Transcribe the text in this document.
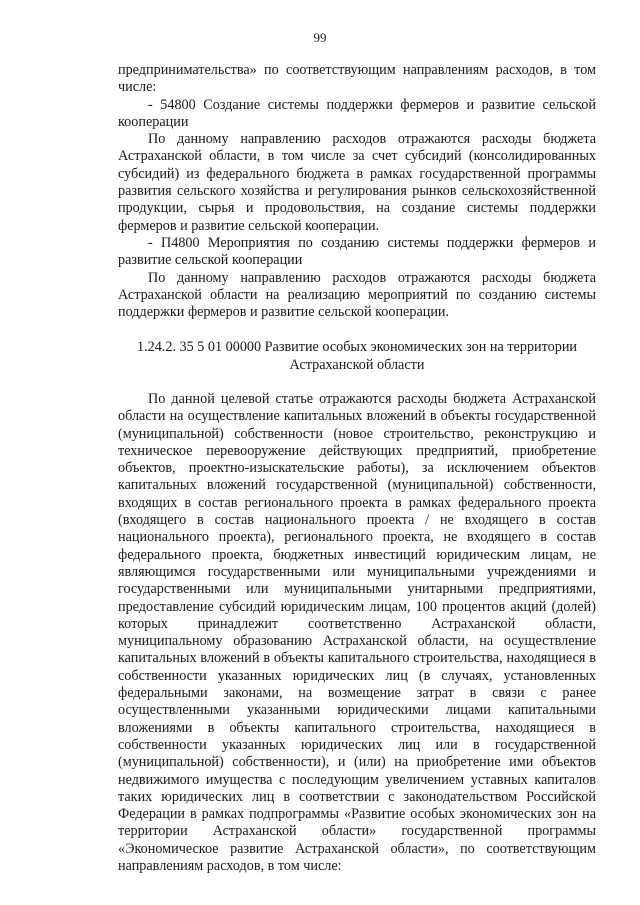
99

предпринимательства» по соответствующим направлениям расходов, в том числе:

- 54800 Создание системы поддержки фермеров и развитие сельской кооперации

По данному направлению расходов отражаются расходы бюджета Астраханской области, в том числе за счет субсидий (консолидированных субсидий) из федерального бюджета в рамках государственной программы развития сельского хозяйства и регулирования рынков сельскохозяйственной продукции, сырья и продовольствия, на создание системы поддержки фермеров и развитие сельской кооперации.

- П4800 Мероприятия по созданию системы поддержки фермеров и развитие сельской кооперации

По данному направлению расходов отражаются расходы бюджета Астраханской области на реализацию мероприятий по созданию системы поддержки фермеров и развитие сельской кооперации.

1.24.2. 35 5 01 00000 Развитие особых экономических зон на территории Астраханской области

По данной целевой статье отражаются расходы бюджета Астраханской области на осуществление капитальных вложений в объекты государственной (муниципальной) собственности (новое строительство, реконструкцию и техническое перевооружение действующих предприятий, приобретение объектов, проектно-изыскательские работы), за исключением объектов капитальных вложений государственной (муниципальной) собственности, входящих в состав регионального проекта в рамках федерального проекта (входящего в состав национального проекта / не входящего в состав национального проекта), регионального проекта, не входящего в состав федерального проекта, бюджетных инвестиций юридическим лицам, не являющимся государственными или муниципальными учреждениями и государственными или муниципальными унитарными предприятиями, предоставление субсидий юридическим лицам, 100 процентов акций (долей) которых принадлежит соответственно Астраханской области, муниципальному образованию Астраханской области, на осуществление капитальных вложений в объекты капитального строительства, находящиеся в собственности указанных юридических лиц (в случаях, установленных федеральными законами, на возмещение затрат в связи с ранее осуществленными указанными юридическими лицами капитальными вложениями в объекты капитального строительства, находящиеся в собственности указанных юридических лиц или в государственной (муниципальной) собственности), и (или) на приобретение ими объектов недвижимого имущества с последующим увеличением уставных капиталов таких юридических лиц в соответствии с законодательством Российской Федерации в рамках подпрограммы «Развитие особых экономических зон на территории Астраханской области» государственной программы «Экономическое развитие Астраханской области», по соответствующим направлениям расходов, в том числе:
